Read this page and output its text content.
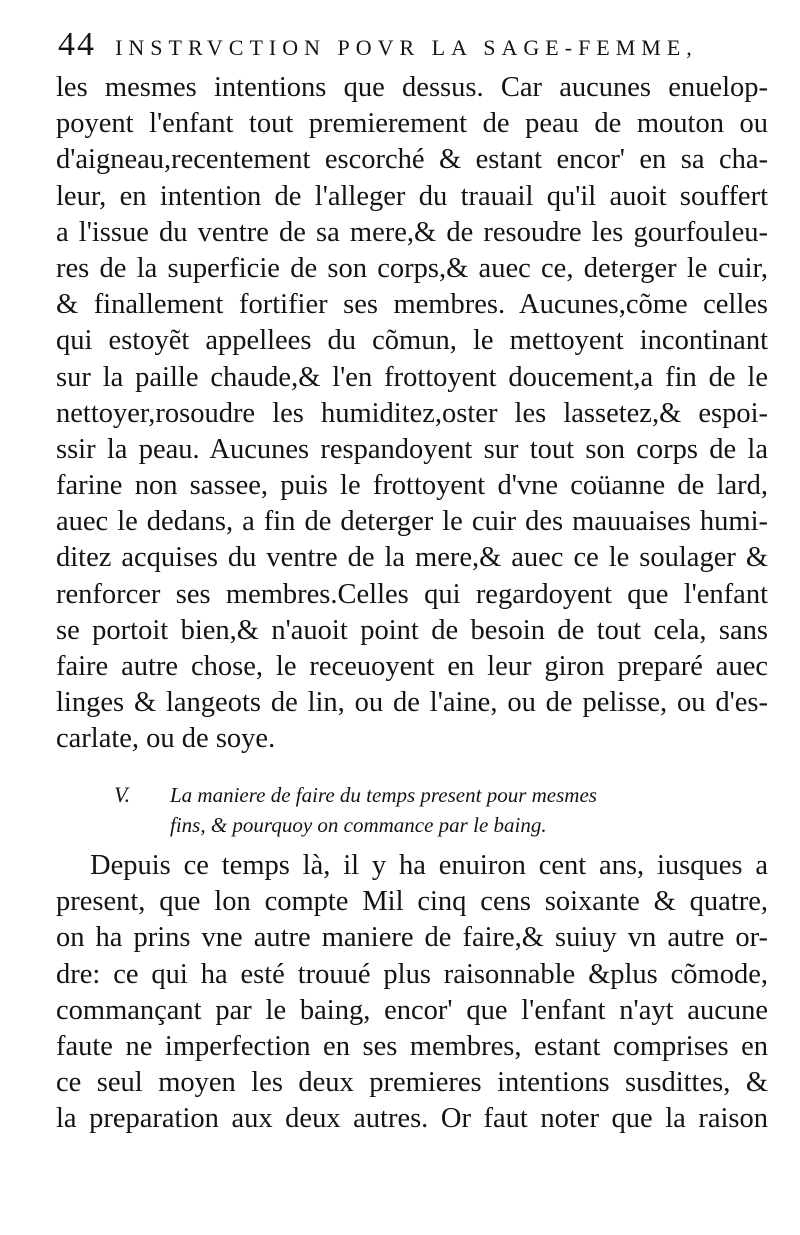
44 INSTRVCTION POVR LA SAGE-FEMME,
les mesmes intentions que dessus. Car aucunes enuelop-
poyent l'enfant tout premierement de peau de mouton ou
d'aigneau,recentement escorché & estant encor' en sa cha-
leur, en intention de l'alleger du trauail qu'il auoit souffert
a l'issue du ventre de sa mere,& de resoudre les gourfouleu-
res de la superficie de son corps,& auec ce, deterger le cuir,
& finallement fortifier ses membres. Aucunes,cõme celles
qui estoyẽt appellees du cõmun, le mettoyent incontinant
sur la paille chaude,& l'en frottoyent doucement,a fin de le
nettoyer,rosoudre les humiditez,oster les lassetez,& espoi-
ssir la peau. Aucunes respandoyent sur tout son corps de la
farine non sassee, puis le frottoyent d'vne coüanne de lard,
auec le dedans, a fin de deterger le cuir des mauuaises humi-
ditez acquises du ventre de la mere,& auec ce le soulager &
renforcer ses membres.Celles qui regardoyent que l'enfant
se portoit bien,& n'auoit point de besoin de tout cela, sans
faire autre chose, le receuoyent en leur giron preparé auec
linges & langeots de lin, ou de l'aine, ou de pelisse, ou d'es-
carlate, ou de soye.
V. La maniere de faire du temps present pour mesmes
fins, & pourquoy on commance par le baing.
Depuis ce temps là, il y ha enuiron cent ans, iusques a
present, que lon compte Mil cinq cens soixante & quatre,
on ha prins vne autre maniere de faire,& suiuy vn autre or-
dre: ce qui ha esté trouué plus raisonnable &plus cõmode,
commançant par le baing, encor' que l'enfant n'ayt aucune
faute ne imperfection en ses membres, estant comprises en
ce seul moyen les deux premieres intentions susdittes, &
la preparation aux deux autres. Or faut noter que la raison
